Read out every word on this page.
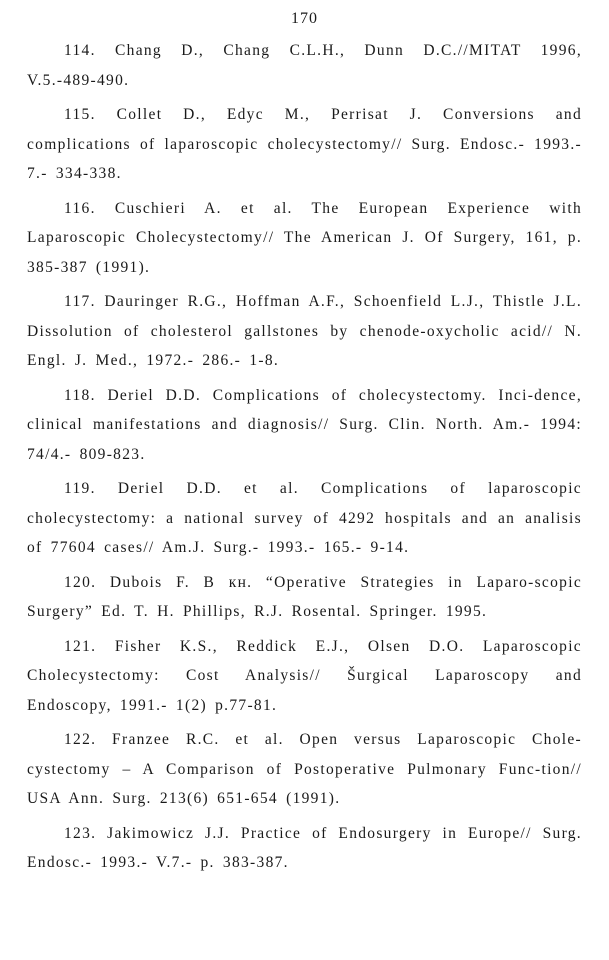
170

114. Chang D., Chang C.L.H., Dunn D.C.//MITAT 1996, V.5.-489-490.

115. Collet D., Edyc M., Perrisat J. Conversions and complications of laparoscopic cholecystectomy// Surg. Endosc.- 1993.- 7.- 334-338.

116. Cuschieri A. et al. The European Experience with Laparoscopic Cholecystectomy// The American J. Of Surgery, 161, p. 385-387 (1991).

117. Dauringer R.G., Hoffman A.F., Schoenfield L.J., Thistle J.L. Dissolution of cholesterol gallstones by chenode-oxycholic acid// N. Engl. J. Med., 1972.- 286.- 1-8.

118. Deriel D.D. Complications of cholecystectomy. Inci-dence, clinical manifestations and diagnosis// Surg. Clin. North. Am.- 1994: 74/4.- 809-823.

119. Deriel D.D. et al. Complications of laparoscopic cholecystectomy: a national survey of 4292 hospitals and an analisis of 77604 cases// Am.J. Surg.- 1993.- 165.- 9-14.

120. Dubois F. В кн. “Operative Strategies in Laparo-scopic Surgery” Ed. T. H. Phillips, R.J. Rosental. Springer. 1995.

121. Fisher K.S., Reddick E.J., Olsen D.O. Laparoscopic Cholecystectomy: Cost Analysis// Šurgical Laparoscopy and Endoscopy, 1991.- 1(2) p.77-81.

122. Franzee R.C. et al. Open versus Laparoscopic Chole-cystectomy – A Comparison of Postoperative Pulmonary Func-tion// USA Ann. Surg. 213(6) 651-654 (1991).

123. Jakimowicz J.J. Practice of Endosurgery in Europe// Surg. Endosc.- 1993.- V.7.- p. 383-387.
